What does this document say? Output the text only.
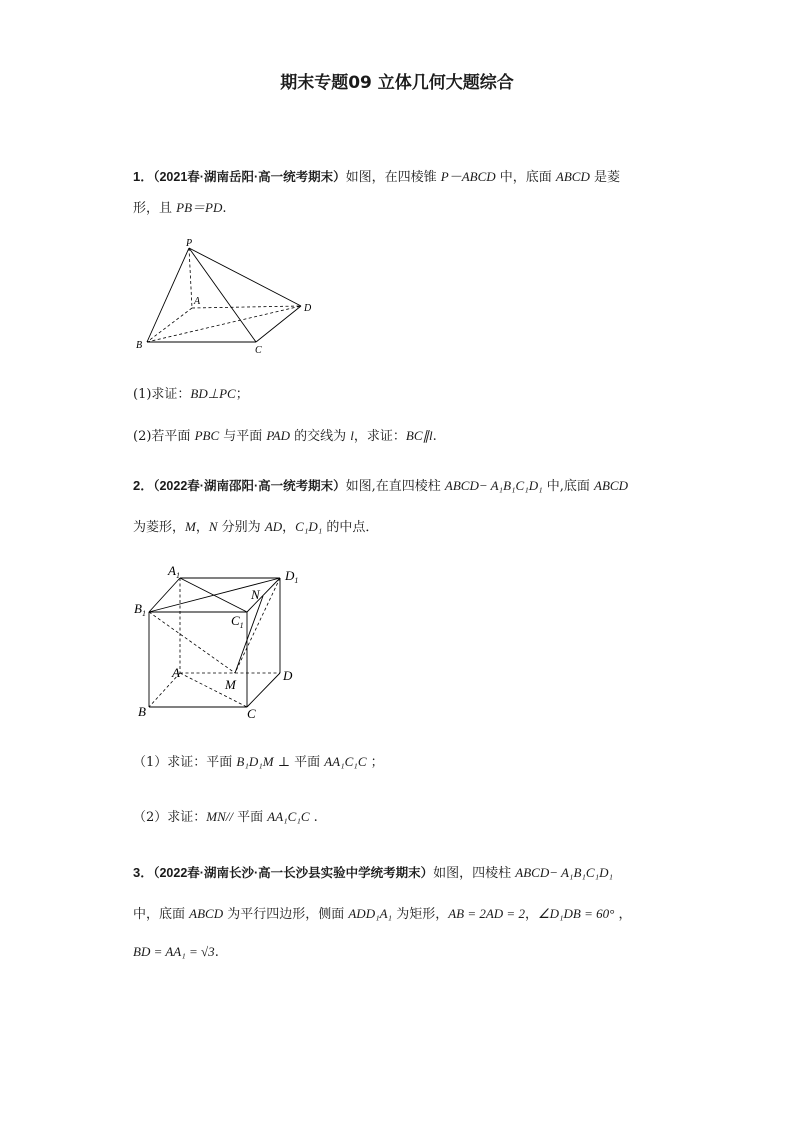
期末专题09 立体几何大题综合
1．（2021春·湖南岳阳·高一统考期末）如图，在四棱锥 P－ABCD 中，底面 ABCD 是菱
形，且 PB＝PD.
P
A
B	C
D
(1)求证：BD⊥PC；
(2)若平面 PBC 与平面 PAD 的交线为 l，求证：BC∥l.
2．（2022春·湖南邵阳·高一统考期末）如图,在直四棱柱 ABCD− A₁B₁C₁D₁ 中,底面 ABCD
为菱形，M，N 分别为 AD，C₁D₁ 的中点．
$A_1$	$D_1$
$B_1$	$C_1$
N
A
M
D
B	C
（1）求证：平面 B₁D₁M ⊥ 平面 AA₁C₁C ；
（2）求证：MN// 平面 AA₁C₁C .
3．（2022春·湖南长沙·高一长沙县实验中学统考期末）如图，四棱柱 ABCD− A₁B₁C₁D₁
中，底面 ABCD 为平行四边形，侧面 ADD₁A₁ 为矩形，AB = 2AD = 2，∠D₁DB = 60° ，
BD = AA₁ = √3.
